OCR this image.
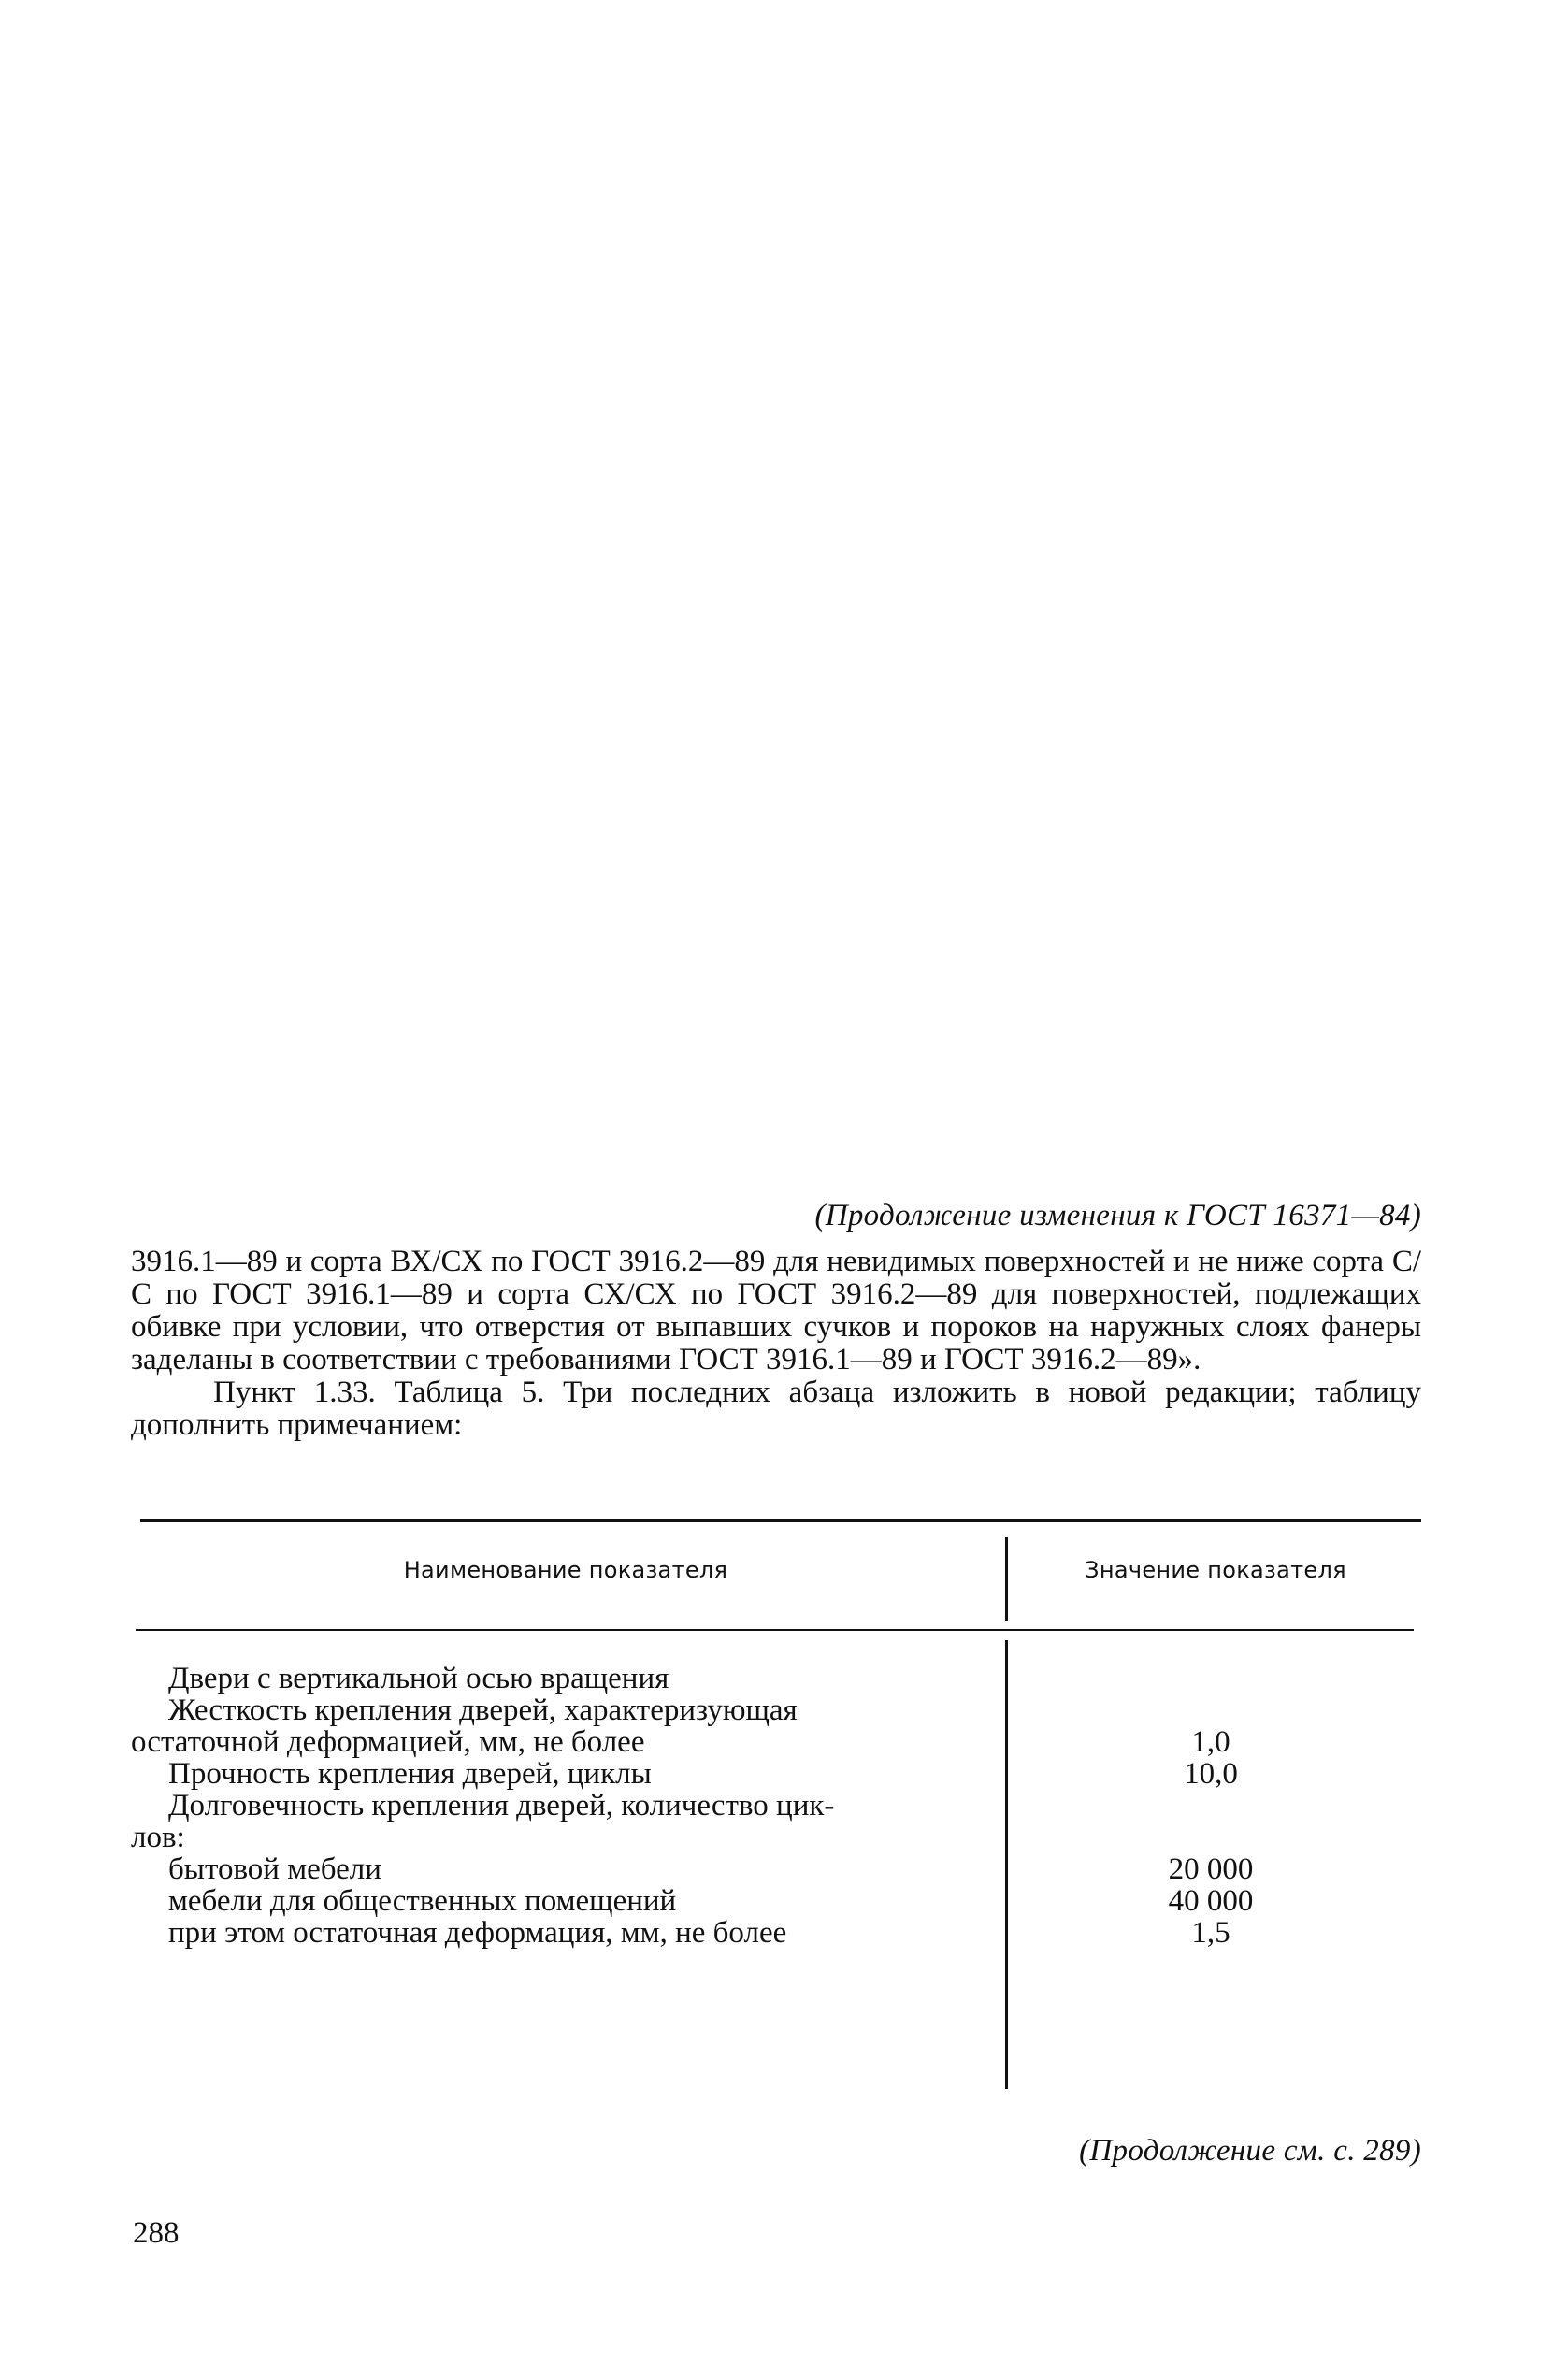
(Продолжение изменения к ГОСТ 16371—84)

3916.1—89 и сорта ВХ/СХ по ГОСТ 3916.2—89 для невидимых поверхностей и не ниже сорта С/С по ГОСТ 3916.1—89 и сорта СХ/СХ по ГОСТ 3916.2—89 для поверхностей, подлежащих обивке при условии, что отверстия от выпавших сучков и пороков на наружных слоях фанеры заделаны в соответствии с требованиями ГОСТ 3916.1—89 и ГОСТ 3916.2—89».

Пункт 1.33. Таблица 5. Три последних абзаца изложить в новой редакции; таблицу дополнить примечанием:

Наименование показателя	Значение показателя
Двери с вертикальной осью вращения
Жесткость крепления дверей, характеризующая
остаточной деформацией, мм, не более	1,0
Прочность крепления дверей, циклы	10,0
Долговечность крепления дверей, количество цик-
лов:
бытовой мебели	20 000
мебели для общественных помещений	40 000
при этом остаточная деформация, мм, не более	1,5
(Продолжение см. с. 289)
288
